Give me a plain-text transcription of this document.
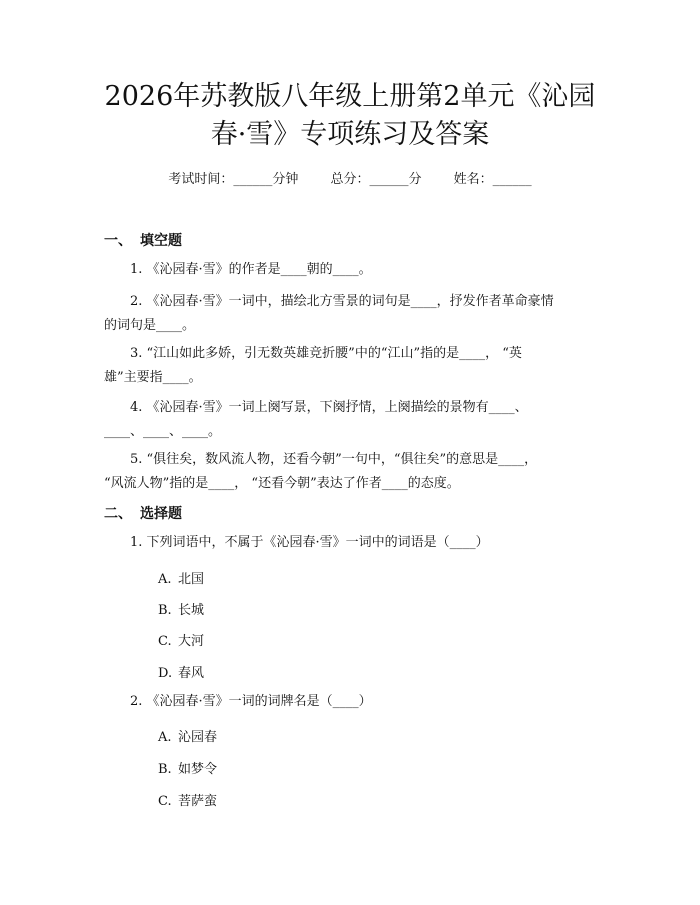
2026年苏教版八年级上册第2单元《沁园
春·雪》专项练习及答案
考试时间：______分钟 总分：______分 姓名：______
一、 填空题
1. 《沁园春·雪》的作者是____朝的____。
2. 《沁园春·雪》一词中，描绘北方雪景的词句是____，抒发作者革命豪情
的词句是____。
3. “江山如此多娇，引无数英雄竞折腰”中的“江山”指的是____， “英
雄”主要指____。
4. 《沁园春·雪》一词上阕写景，下阕抒情，上阕描绘的景物有____、
____、____、____。
5. “俱往矣，数风流人物，还看今朝”一句中，“俱往矣”的意思是____，
“风流人物”指的是____， “还看今朝”表达了作者____的态度。
二、 选择题
1. 下列词语中，不属于《沁园春·雪》一词中的词语是（____）
A. 北国
B. 长城
C. 大河
D. 春风
2. 《沁园春·雪》一词的词牌名是（____）
A. 沁园春
B. 如梦令
C. 菩萨蛮
